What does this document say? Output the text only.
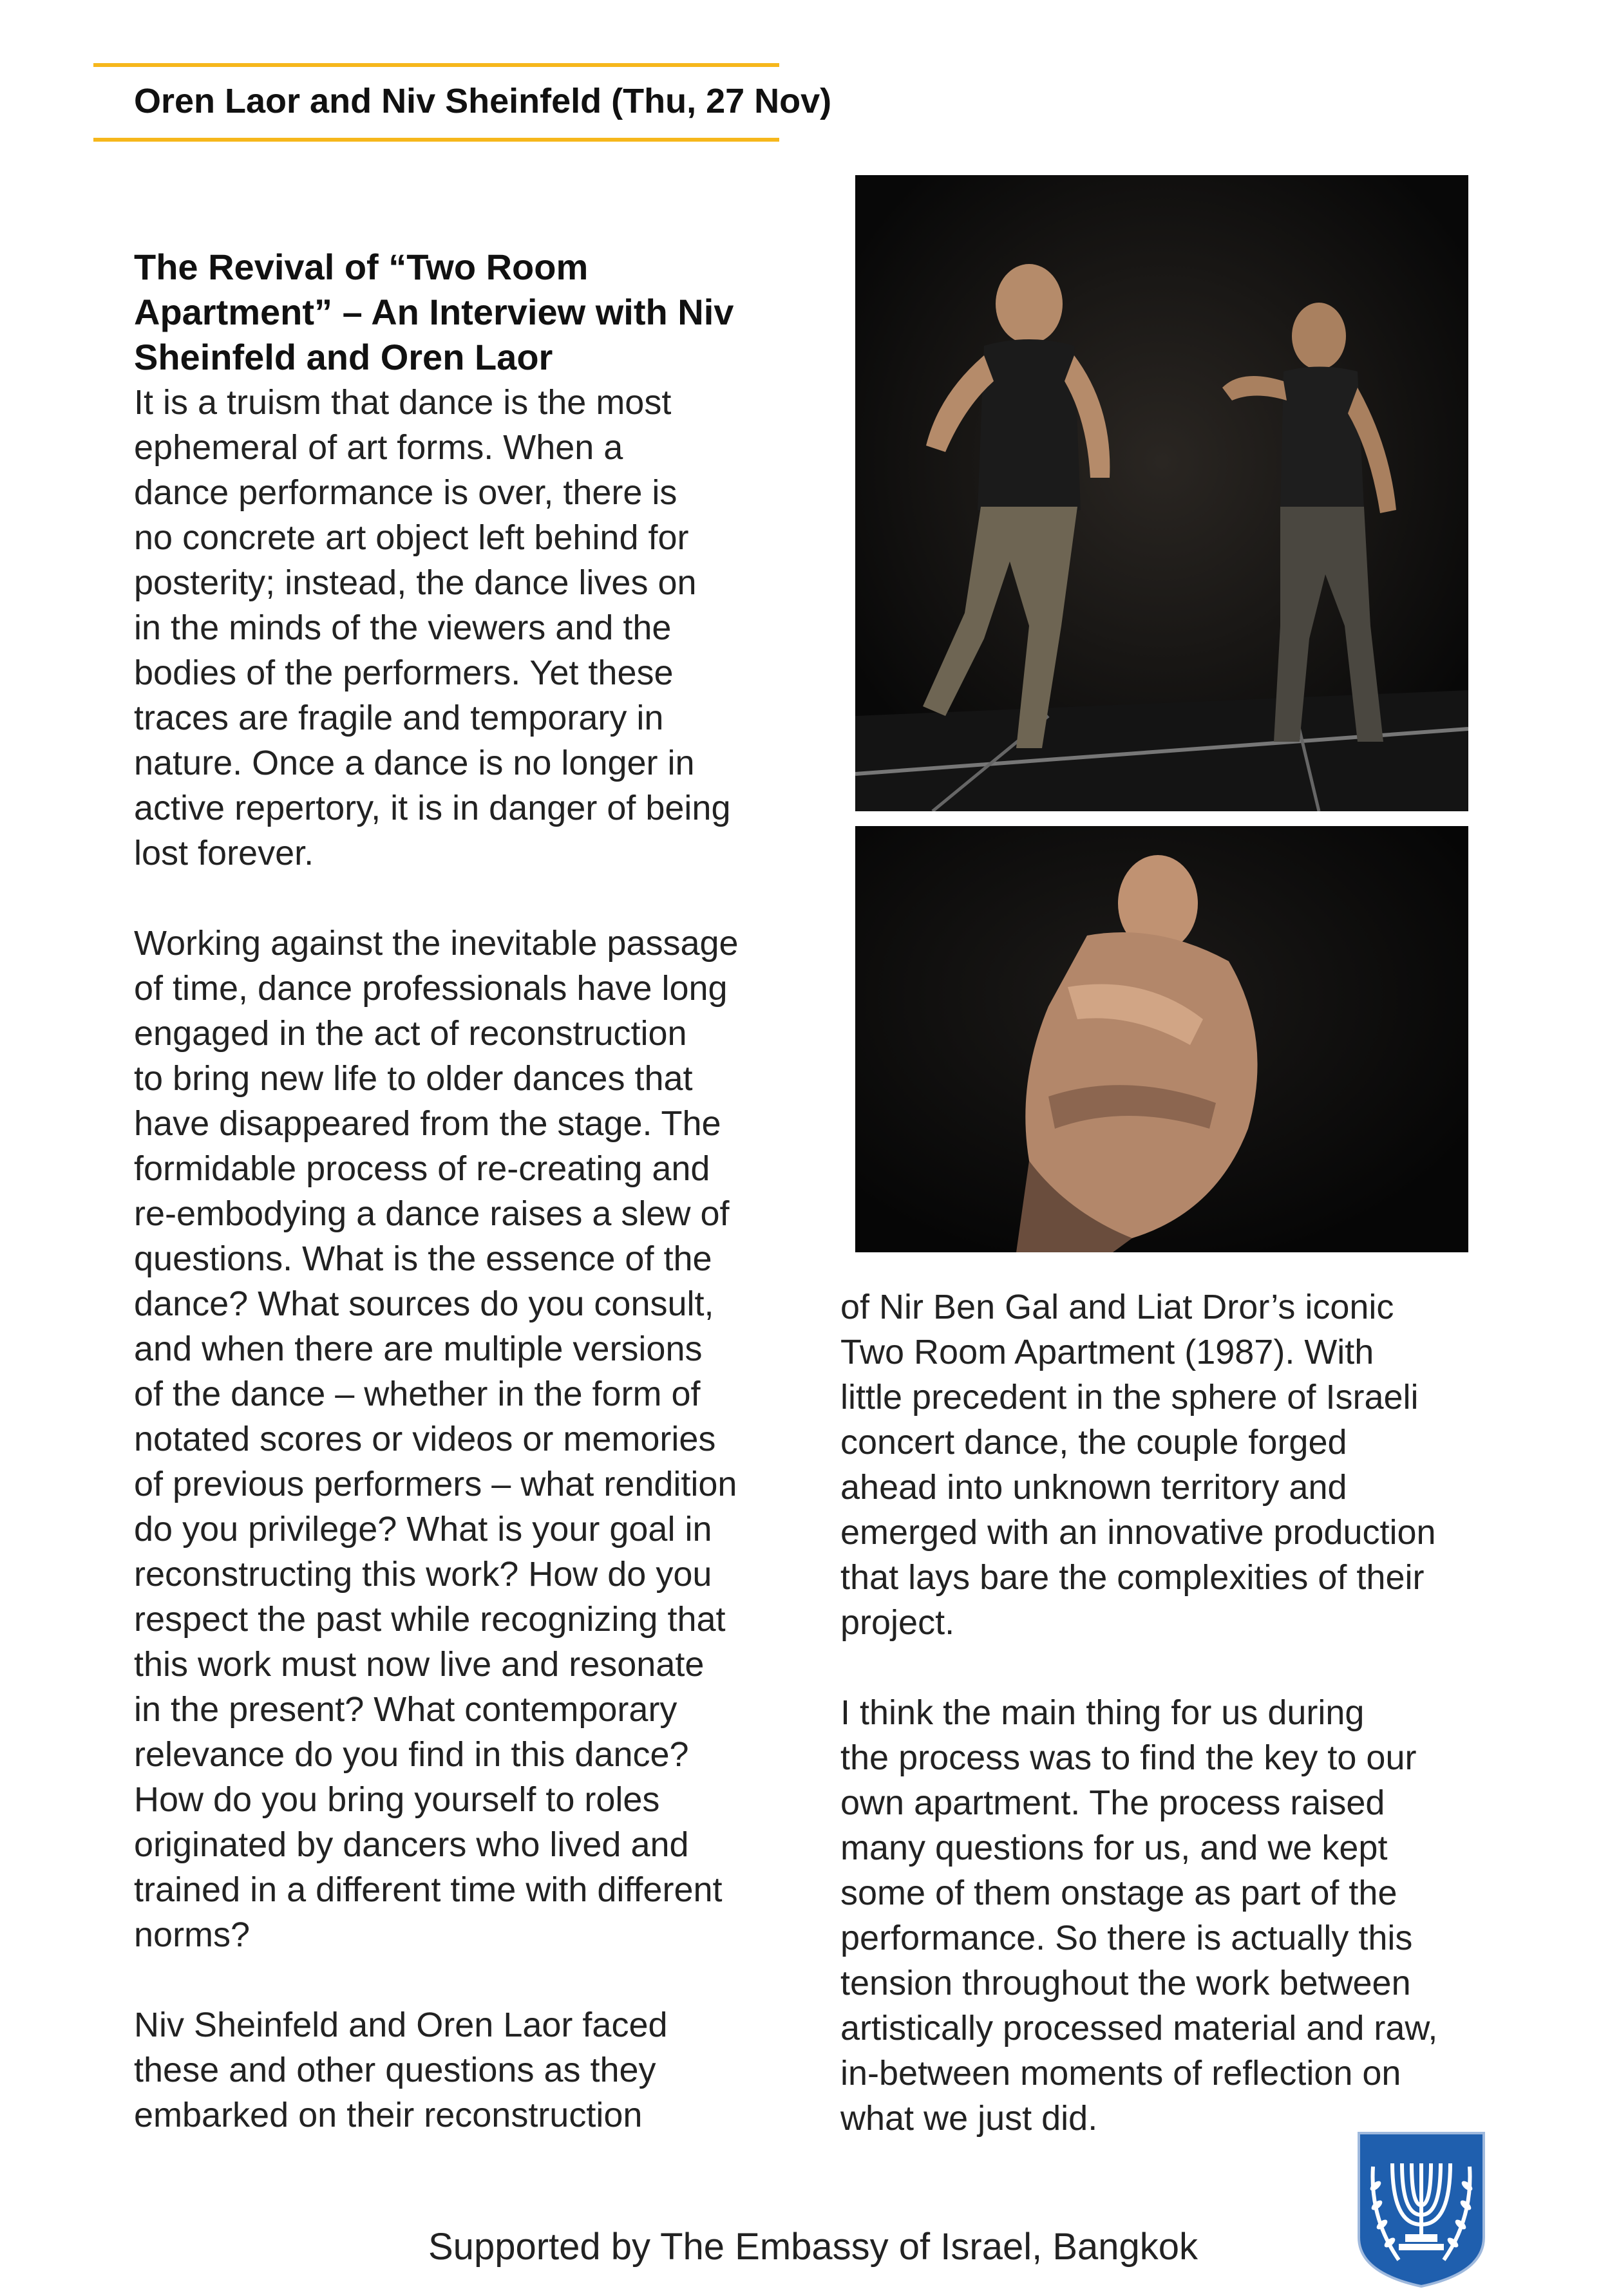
Oren Laor and Niv Sheinfeld (Thu, 27 Nov)
The Revival of “Two Room
Apartment” – An Interview with Niv
Sheinfeld and Oren Laor

It is a truism that dance is the most
ephemeral of art forms. When a
dance performance is over, there is
no concrete art object left behind for
posterity; instead, the dance lives on
in the minds of the viewers and the
bodies of the performers. Yet these
traces are fragile and temporary in
nature. Once a dance is no longer in
active repertory, it is in danger of being
lost forever.

Working against the inevitable passage
of time, dance professionals have long
engaged in the act of reconstruction
to bring new life to older dances that
have disappeared from the stage. The
formidable process of re-creating and
re-embodying a dance raises a slew of
questions. What is the essence of the
dance? What sources do you consult,
and when there are multiple versions
of the dance – whether in the form of
notated scores or videos or memories
of previous performers – what rendition
do you privilege? What is your goal in
reconstructing this work? How do you
respect the past while recognizing that
this work must now live and resonate
in the present? What contemporary
relevance do you find in this dance?
How do you bring yourself to roles
originated by dancers who lived and
trained in a different time with different
norms?

Niv Sheinfeld and Oren Laor faced
these and other questions as they
embarked on their reconstruction

of Nir Ben Gal and Liat Dror’s iconic
Two Room Apartment (1987). With
little precedent in the sphere of Israeli
concert dance, the couple forged
ahead into unknown territory and
emerged with an innovative production
that lays bare the complexities of their
project.

I think the main thing for us during
the process was to find the key to our
own apartment. The process raised
many questions for us, and we kept
some of them onstage as part of the
performance. So there is actually this
tension throughout the work between
artistically processed material and raw,
in-between moments of reflection on
what we just did.

Supported by The Embassy of Israel, Bangkok
